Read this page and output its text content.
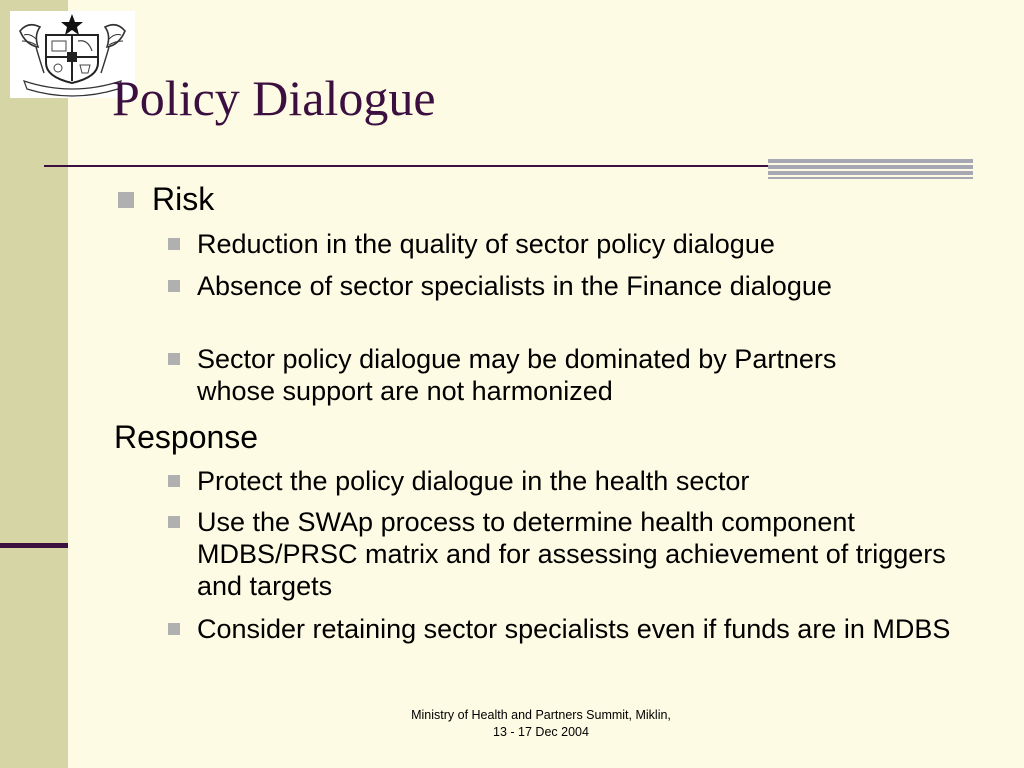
Policy Dialogue
Risk
Reduction in the quality of sector policy dialogue
Absence of sector specialists in the Finance dialogue
Sector policy dialogue may be dominated by Partners whose support are not harmonized
Response
Protect the policy dialogue in the health sector
Use the SWAp process to determine health component MDBS/PRSC matrix and for assessing achievement of triggers and targets
Consider retaining sector specialists even if funds are in MDBS
Ministry of Health and Partners Summit, Miklin,
13 - 17 Dec 2004
